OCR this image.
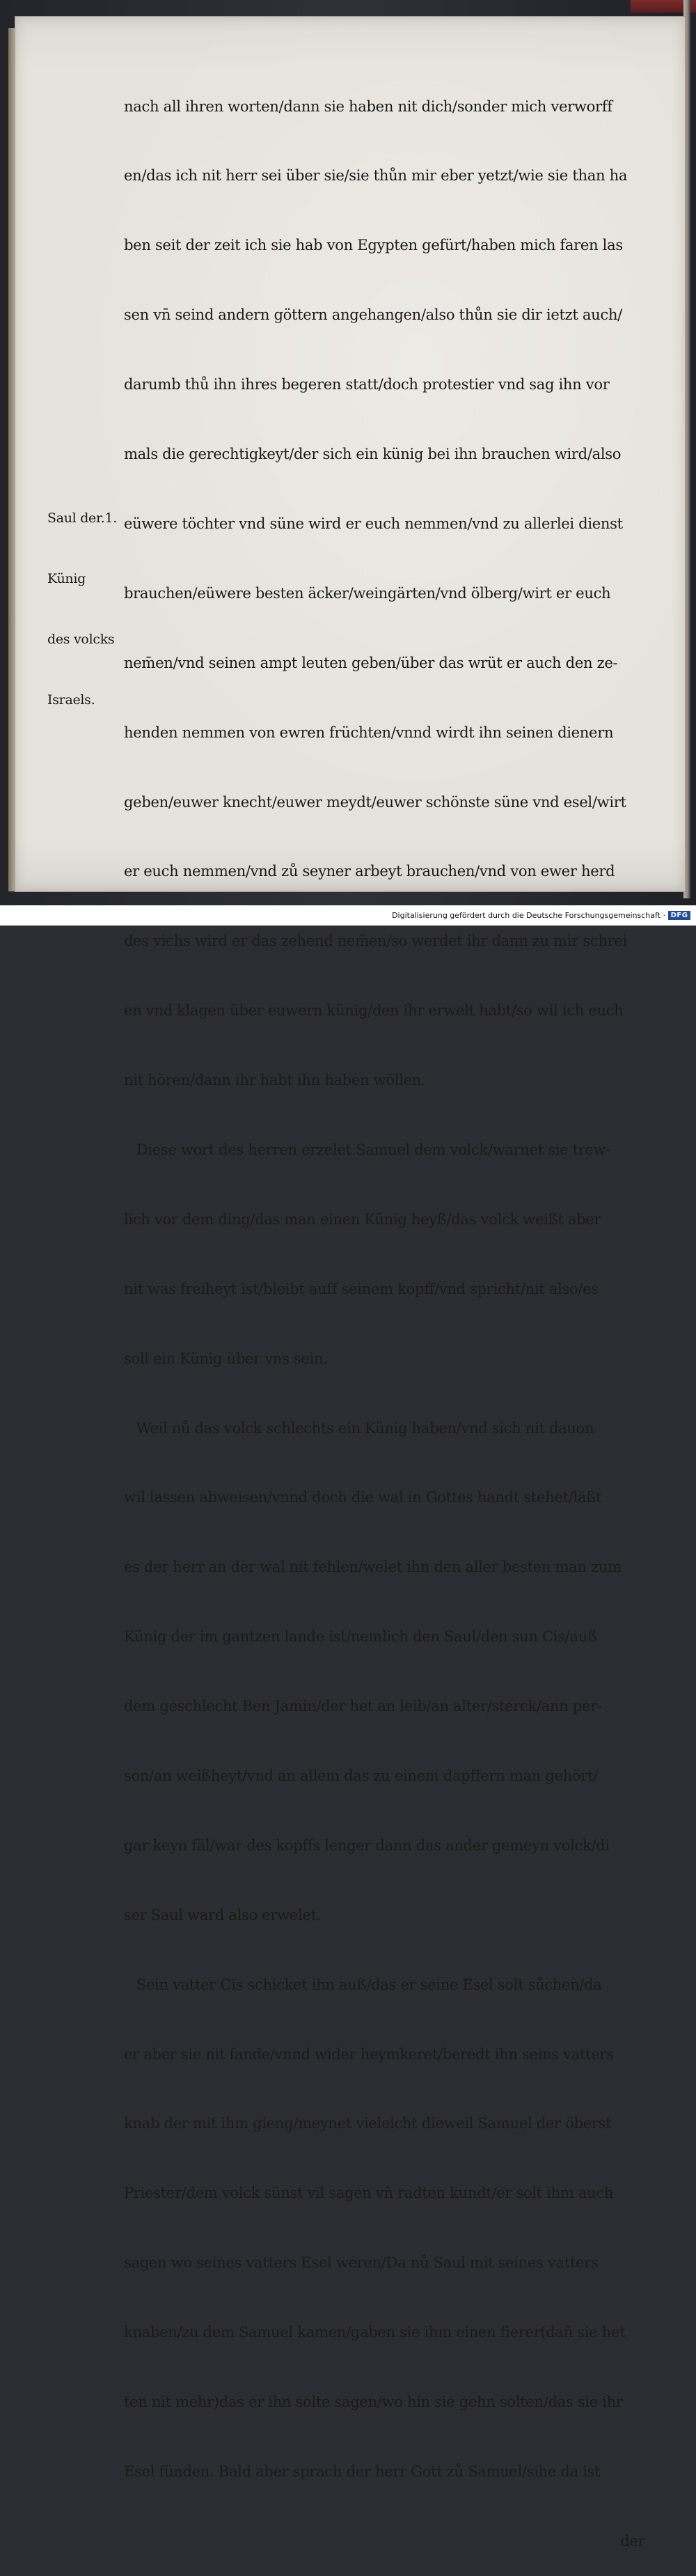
nach all ihren worten/dann sie haben nit dich/sonder mich verworff

en/das ich nit herr sei über sie/sie thůn mir eber yetzt/wie sie than ha

ben seit der zeit ich sie hab von Egypten gefürt/haben mich faren las

sen vn̄ seind andern göttern angehangen/also thůn sie dir ietzt auch/

darumb thů ihn ihres begeren statt/doch protestier vnd sag ihn vor

mals die gerechtigkeyt/der sich ein künig bei ihn brauchen wird/also

eüwere töchter vnd süne wird er euch nemmen/vnd zu allerlei dienst

brauchen/eüwere besten äcker/weingärten/vnd ölberg/wirt er euch

nem̄en/vnd seinen ampt leuten geben/über das wrüt er auch den ze-

henden nemmen von ewren früchten/vnnd wirdt ihn seinen dienern

geben/euwer knecht/euwer meydt/euwer schönste süne vnd esel/wirt

er euch nemmen/vnd zů seyner arbeyt brauchen/vnd von ewer herd

des vichs wird er das zehend nem̄en/so werdet ihr dann zu mir schrei

en vnd klagen über euwern künig/den ihr erwelt habt/so wil ich euch

nit hören/dann ihr habt ihn haben wöllen.

Diese wort des herren erzelet Samuel dem volck/warnet sie trew-

lich vor dem ding/das man einen Künig heyß/das volck weißt aber

nit was freiheyt ist/bleibt auff seinem kopff/vnd spricht/nit also/es

soll ein Künig über vns sein.

Weil nů das volck schlechts ein Künig haben/vnd sich nit dauon

wil lassen abweisen/vnnd doch die wal in Gottes handt stehet/läßt

es der herr an der wal nit fehlen/welet ihn den aller besten man zum

Künig der im gantzen lande ist/nemlich den Saul/den sun Cis/auß

dem geschlecht Ben Jamin/der het an leib/an alter/sterck/ann per-

son/an weißheyt/vnd an allem das zu einem dapffern man gehört/

gar keyn fäl/war des kopffs lenger dann das ander gemeyn volck/di

ser Saul ward also erwelet.

Sein vatter Cis schicket ihn auß/das er seine Esel solt sůchen/da

er aber sie nit fande/vnnd wider heymkeret/beredt ihn seins vatters

knab der mit ihm gieng/meynet vieleicht dieweil Samuel der öberst

Priester/dem volck sünst vil sagen vn̄ radten kundt/er solt ihm auch

sagen wo seines vatters Esel weren/Da nů Saul mit seines vatters

knaben/zu dem Samuel kamen/gaben sie ihm einen fierer(dañ sie het

ten nit mehr)das er ihn solte sagen/wo hin sie gehn solten/das sie ihr

Esel fünden. Bald aber sprach der herr Gott zů Samuel/sihe da ist

der

Saul der.1.

Künig

des volcks

Israels.

Digitalisierung gefördert durch die Deutsche Forschungsgemeinschaft · DFG
